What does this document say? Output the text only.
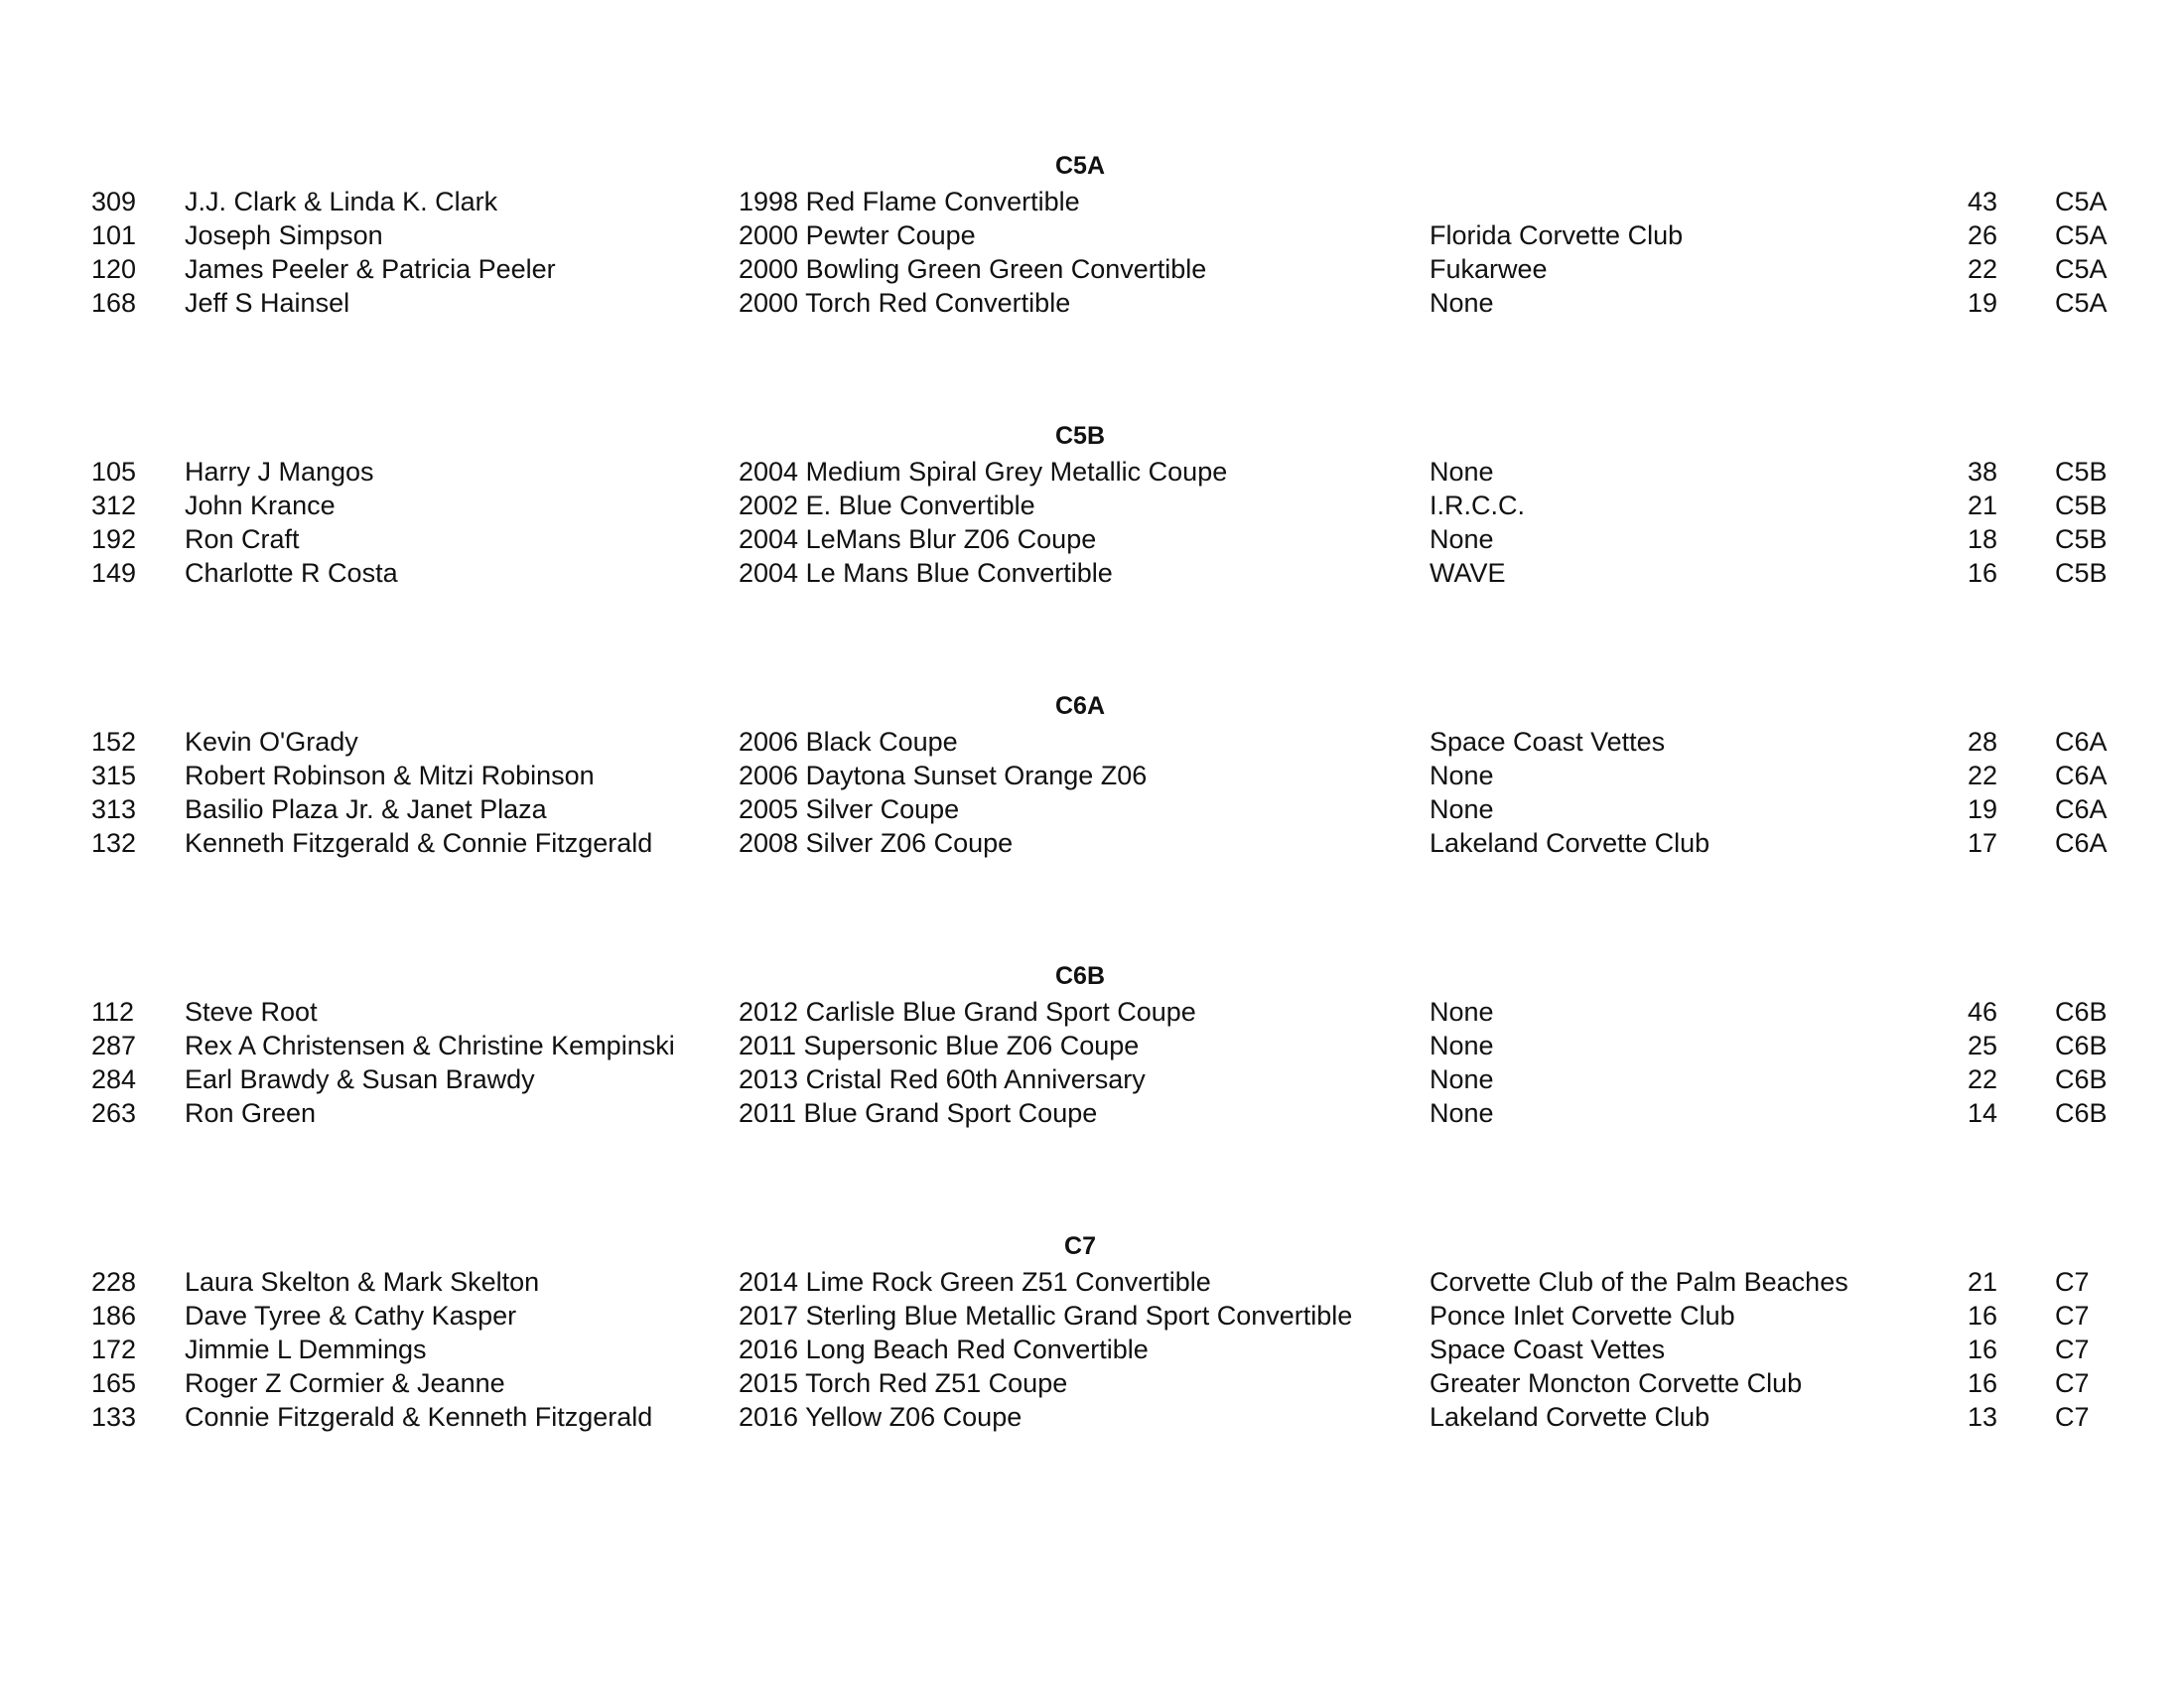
C5A
309 J.J. Clark & Linda K. Clark	1998 Red Flame Convertible	43 C5A
101 Joseph Simpson	2000 Pewter Coupe	Florida Corvette Club	26 C5A
120 James Peeler & Patricia Peeler	2000 Bowling Green Green Convertible	Fukarwee	22 C5A
168 Jeff S Hainsel	2000 Torch Red Convertible	None	19 C5A
C5B
105 Harry J Mangos	2004 Medium Spiral Grey Metallic Coupe	None	38 C5B
312 John Krance	2002 E. Blue Convertible	I.R.C.C.	21 C5B
192 Ron Craft	2004 LeMans Blur Z06 Coupe	None	18 C5B
149 Charlotte R Costa	2004 Le Mans Blue Convertible	WAVE	16 C5B
C6A
152 Kevin O'Grady	2006 Black Coupe	Space Coast Vettes	28 C6A
315 Robert Robinson & Mitzi Robinson	2006 Daytona Sunset Orange Z06	None	22 C6A
313 Basilio Plaza Jr. & Janet Plaza	2005 Silver Coupe	None	19 C6A
132 Kenneth Fitzgerald & Connie Fitzgerald	2008 Silver Z06 Coupe	Lakeland Corvette Club	17 C6A
C6B
112 Steve Root	2012 Carlisle Blue Grand Sport Coupe	None	46 C6B
287 Rex A Christensen & Christine Kempinski 2011 Supersonic Blue Z06 Coupe	None	25 C6B
284 Earl Brawdy & Susan Brawdy	2013 Cristal Red 60th Anniversary	None	22 C6B
263 Ron Green	2011 Blue Grand Sport Coupe	None	14 C6B
C7
228 Laura Skelton & Mark Skelton	2014 Lime Rock Green Z51 Convertible	Corvette Club of the Palm Beaches	21 C7
186 Dave Tyree & Cathy Kasper	2017 Sterling Blue Metallic Grand Sport Convertible	Ponce Inlet Corvette Club	16 C7
172 Jimmie L Demmings	2016 Long Beach Red Convertible	Space Coast Vettes	16 C7
165 Roger Z Cormier & Jeanne	2015 Torch Red Z51 Coupe	Greater Moncton Corvette Club	16 C7
133 Connie Fitzgerald & Kenneth Fitzgerald	2016 Yellow Z06 Coupe	Lakeland Corvette Club	13 C7
